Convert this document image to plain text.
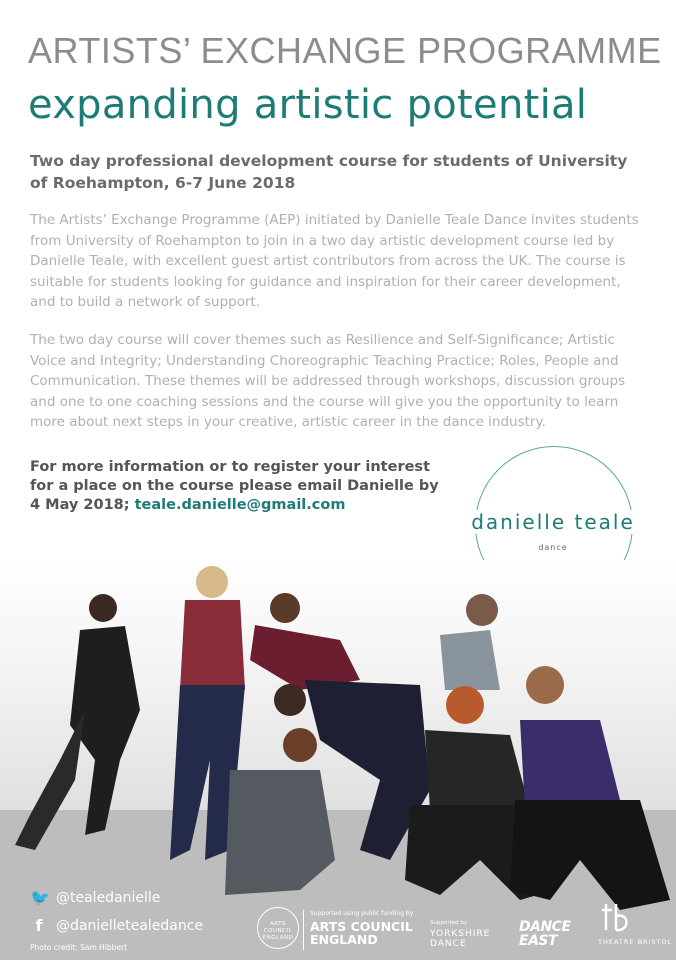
ARTISTS’ EXCHANGE PROGRAMME
expanding artistic potential
Two day professional development course for students of University of Roehampton, 6-7 June 2018
The Artists’ Exchange Programme (AEP) initiated by Danielle Teale Dance invites students from University of Roehampton to join in a two day artistic development course led by Danielle Teale, with excellent guest artist contributors from across the UK. The course is suitable for students looking for guidance and inspiration for their career development, and to build a network of support.
The two day course will cover themes such as Resilience and Self-Significance; Artistic Voice and Integrity; Understanding Choreographic Teaching Practice; Roles, People and Communication. These themes will be addressed through workshops, discussion groups and one to one coaching sessions and the course will give you the opportunity to learn more about next steps in your creative, artistic career in the dance industry.
For more information or to register your interest for a place on the course please email Danielle by 4 May 2018; teale.danielle@gmail.com
danielle teale
dance
🐦 @tealedanielle
f @danielletealedance
Photo credit: Sam Hibbert
ARTS COUNCIL ENGLAND
Supported using public funding by
ARTS COUNCIL
ENGLAND
Supported by
YORKSHIRE
DANCE
DANCE
EAST	THEATRE BRISTOL
